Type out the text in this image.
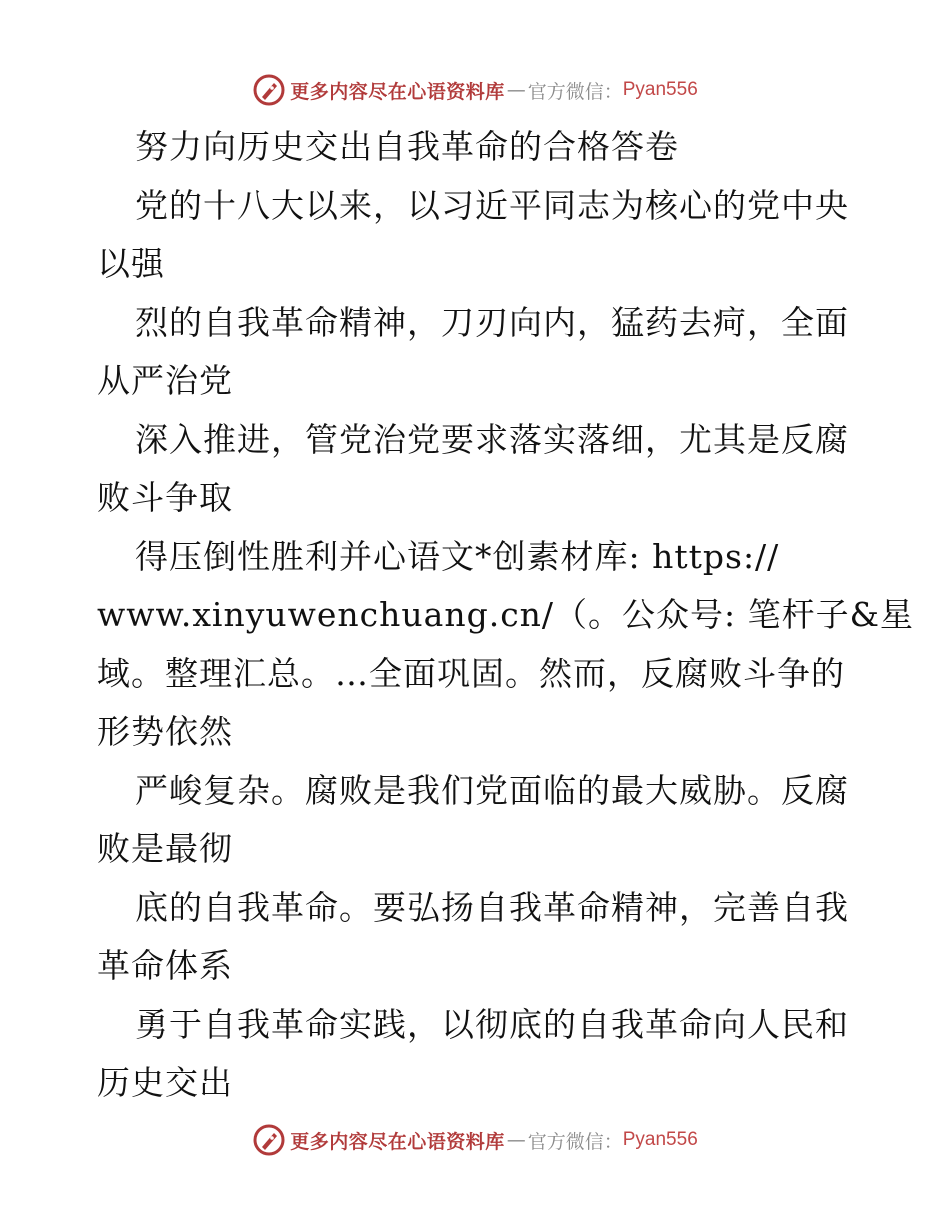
更多内容尽在心语资料库 — 官方微信： Pyan556
努力向历史交出自我革命的合格答卷
党的十八大以来，以习近平同志为核心的党中央
以强
烈的自我革命精神，刀刃向内，猛药去疴，全面
从严治党
深入推进，管党治党要求落实落细，尤其是反腐
败斗争取
得压倒性胜利并心语文*创素材库: https://
www.xinyuwenchuang.cn/（。公众号: 笔杆子&星
域。整理汇总。…全面巩固。然而，反腐败斗争的
形势依然
严峻复杂。腐败是我们党面临的最大威胁。反腐
败是最彻
底的自我革命。要弘扬自我革命精神，完善自我
革命体系
勇于自我革命实践，以彻底的自我革命向人民和
历史交出
更多内容尽在心语资料库 — 官方微信： Pyan556
